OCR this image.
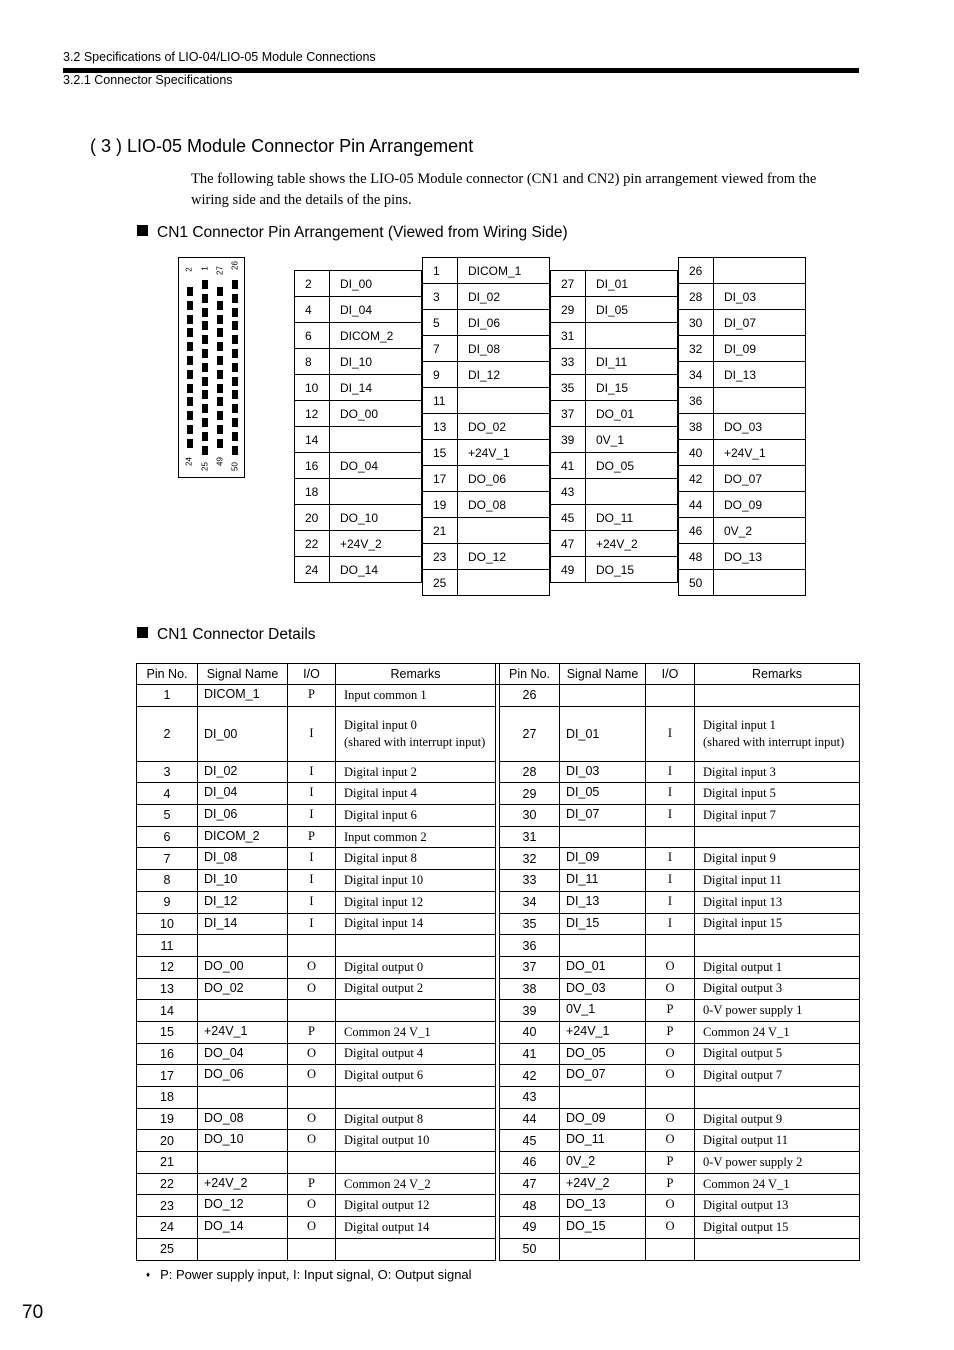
3.2 Specifications of LIO-04/LIO-05 Module Connections
3.2.1 Connector Specifications
( 3 ) LIO-05 Module Connector Pin Arrangement
The following table shows the LIO-05 Module connector (CN1 and CN2) pin arrangement viewed from the wiring side and the details of the pins.
CN1 Connector Pin Arrangement (Viewed from Wiring Side)
2 1 27
26
24
25
49
50
2	DI_00
4	DI_04
6	DICOM_2
8	DI_10
10	DI_14
12	DO_00
14	
16	DO_04
18	
20	DO_10
22	+24V_2
24	DO_14
1	DICOM_1
3	DI_02
5	DI_06
7	DI_08
9	DI_12
11	
13	DO_02
15	+24V_1
17	DO_06
19	DO_08
21	
23	DO_12
25	
27	DI_01
29	DI_05
31	
33	DI_11
35	DI_15
37	DO_01
39	0V_1
41	DO_05
43	
45	DO_11
47	+24V_2
49	DO_15
26	
28	DI_03
30	DI_07
32	DI_09
34	DI_13
36	
38	DO_03
40	+24V_1
42	DO_07
44	DO_09
46	0V_2
48	DO_13
50	
CN1 Connector Details
Pin No.	Signal Name	I/O	Remarks		Pin No.	Signal Name	I/O	Remarks
1	DICOM_1	P	Input common 1		26			
2	DI_00	I	Digital input 0
(shared with interrupt input)		27	DI_01	I	Digital input 1
(shared with interrupt input)
3	DI_02	I	Digital input 2		28	DI_03	I	Digital input 3
4	DI_04	I	Digital input 4		29	DI_05	I	Digital input 5
5	DI_06	I	Digital input 6		30	DI_07	I	Digital input 7
6	DICOM_2	P	Input common 2		31			
7	DI_08	I	Digital input 8		32	DI_09	I	Digital input 9
8	DI_10	I	Digital input 10		33	DI_11	I	Digital input 11
9	DI_12	I	Digital input 12		34	DI_13	I	Digital input 13
10	DI_14	I	Digital input 14		35	DI_15	I	Digital input 15
11					36			
12	DO_00	O	Digital output 0		37	DO_01	O	Digital output 1
13	DO_02	O	Digital output 2		38	DO_03	O	Digital output 3
14					39	0V_1	P	0-V power supply 1
15	+24V_1	P	Common 24 V_1		40	+24V_1	P	Common 24 V_1
16	DO_04	O	Digital output 4		41	DO_05	O	Digital output 5
17	DO_06	O	Digital output 6		42	DO_07	O	Digital output 7
18					43			
19	DO_08	O	Digital output 8		44	DO_09	O	Digital output 9
20	DO_10	O	Digital output 10		45	DO_11	O	Digital output 11
21					46	0V_2	P	0-V power supply 2
22	+24V_2	P	Common 24 V_2		47	+24V_2	P	Common 24 V_1
23	DO_12	O	Digital output 12		48	DO_13	O	Digital output 13
24	DO_14	O	Digital output 14		49	DO_15	O	Digital output 15
25					50			
♦ P: Power supply input, I: Input signal, O: Output signal
70
